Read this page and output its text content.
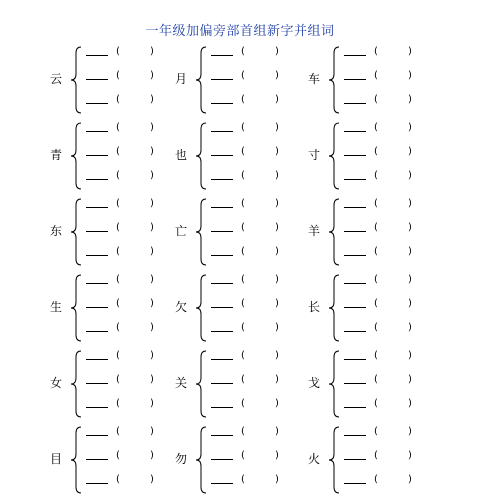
一年级加偏旁部首组新字并组词
云
(	)
(	)
(	)
月
(	)
(	)
(	)
车
(	)
(	)
(	)
青
(	)
(	)
(	)
也
(	)
(	)
(	)
寸
(	)
(	)
(	)
东
(	)
(	)
(	)
亡
(	)
(	)
(	)
羊
(	)
(	)
(	)
生
(	)
(	)
(	)
欠
(	)
(	)
(	)
长
(	)
(	)
(	)
女
(	)
(	)
(	)
关
(	)
(	)
(	)
戈
(	)
(	)
(	)
目
(	)
(	)
(	)
勿
(	)
(	)
(	)
火
(	)
(	)
(	)
